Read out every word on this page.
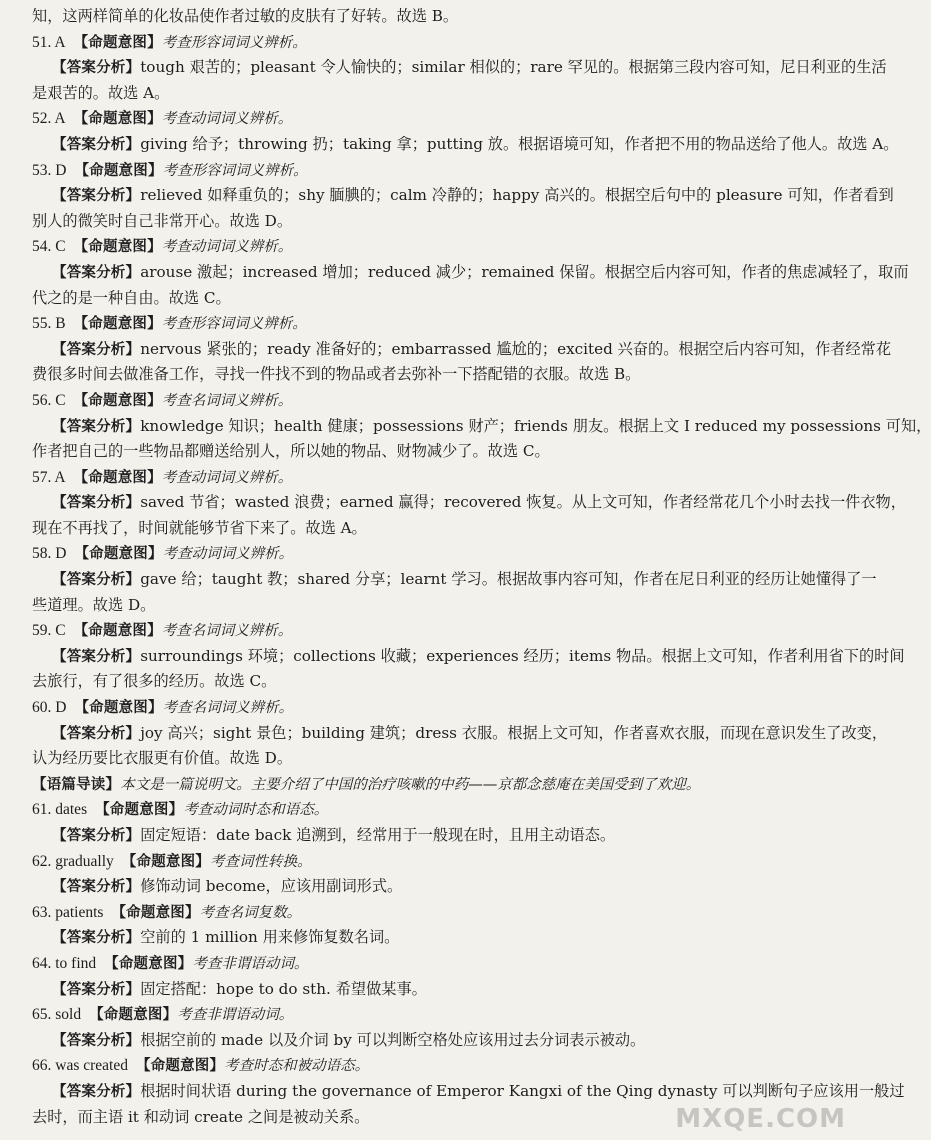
知，这两样简单的化妆品使作者过敏的皮肤有了好转。故选 B。
51. A 【命题意图】考查形容词词义辨析。
【答案分析】tough 艰苦的；pleasant 令人愉快的；similar 相似的；rare 罕见的。根据第三段内容可知，尼日利亚的生活
是艰苦的。故选 A。
52. A 【命题意图】考查动词词义辨析。
【答案分析】giving 给予；throwing 扔；taking 拿；putting 放。根据语境可知，作者把不用的物品送给了他人。故选 A。
53. D 【命题意图】考查形容词词义辨析。
【答案分析】relieved 如释重负的；shy 腼腆的；calm 冷静的；happy 高兴的。根据空后句中的 pleasure 可知，作者看到
别人的微笑时自己非常开心。故选 D。
54. C 【命题意图】考查动词词义辨析。
【答案分析】arouse 激起；increased 增加；reduced 减少；remained 保留。根据空后内容可知，作者的焦虑减轻了，取而
代之的是一种自由。故选 C。
55. B 【命题意图】考查形容词词义辨析。
【答案分析】nervous 紧张的；ready 准备好的；embarrassed 尴尬的；excited 兴奋的。根据空后内容可知，作者经常花
费很多时间去做准备工作，寻找一件找不到的物品或者去弥补一下搭配错的衣服。故选 B。
56. C 【命题意图】考查名词词义辨析。
【答案分析】knowledge 知识；health 健康；possessions 财产；friends 朋友。根据上文 I reduced my possessions 可知，
作者把自己的一些物品都赠送给别人，所以她的物品、财物减少了。故选 C。
57. A 【命题意图】考查动词词义辨析。
【答案分析】saved 节省；wasted 浪费；earned 赢得；recovered 恢复。从上文可知，作者经常花几个小时去找一件衣物，
现在不再找了，时间就能够节省下来了。故选 A。
58. D 【命题意图】考查动词词义辨析。
【答案分析】gave 给；taught 教；shared 分享；learnt 学习。根据故事内容可知，作者在尼日利亚的经历让她懂得了一
些道理。故选 D。
59. C 【命题意图】考查名词词义辨析。
【答案分析】surroundings 环境；collections 收藏；experiences 经历；items 物品。根据上文可知，作者利用省下的时间
去旅行，有了很多的经历。故选 C。
60. D 【命题意图】考查名词词义辨析。
【答案分析】joy 高兴；sight 景色；building 建筑；dress 衣服。根据上文可知，作者喜欢衣服，而现在意识发生了改变，
认为经历要比衣服更有价值。故选 D。
【语篇导读】本文是一篇说明文。主要介绍了中国的治疗咳嗽的中药——京都念慈庵在美国受到了欢迎。
61. dates 【命题意图】考查动词时态和语态。
【答案分析】固定短语：date back 追溯到，经常用于一般现在时，且用主动语态。
62. gradually 【命题意图】考查词性转换。
【答案分析】修饰动词 become，应该用副词形式。
63. patients 【命题意图】考查名词复数。
【答案分析】空前的 1 million 用来修饰复数名词。
64. to find 【命题意图】考查非谓语动词。
【答案分析】固定搭配：hope to do sth. 希望做某事。
65. sold 【命题意图】考查非谓语动词。
【答案分析】根据空前的 made 以及介词 by 可以判断空格处应该用过去分词表示被动。
66. was created 【命题意图】考查时态和被动语态。
【答案分析】根据时间状语 during the governance of Emperor Kangxi of the Qing dynasty 可以判断句子应该用一般过
去时，而主语 it 和动词 create 之间是被动关系。	MXQE.COM
